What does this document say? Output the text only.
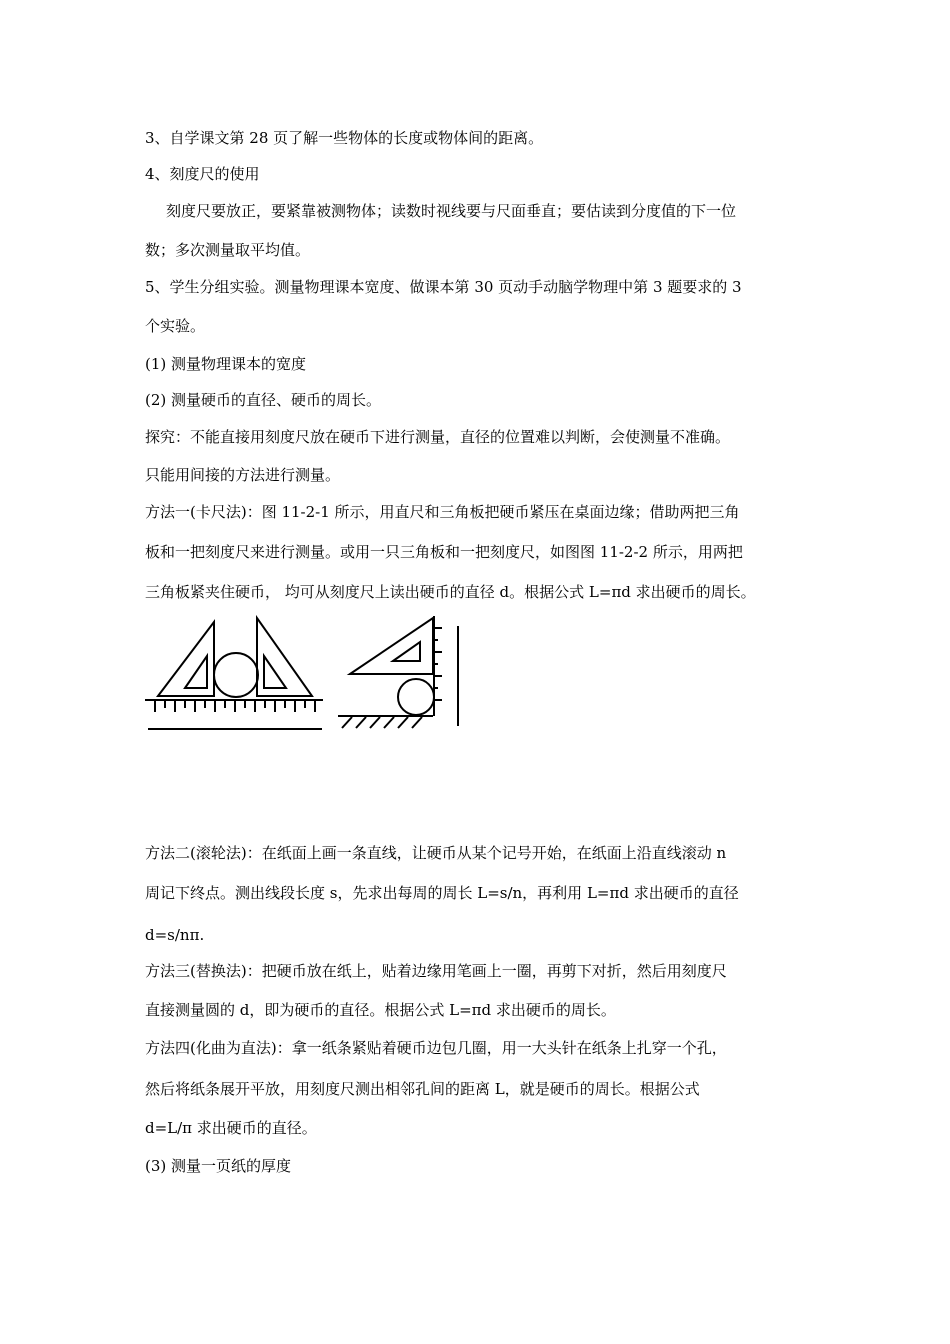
3、自学课文第 28 页了解一些物体的长度或物体间的距离。
4、刻度尺的使用
刻度尺要放正，要紧靠被测物体；读数时视线要与尺面垂直；要估读到分度值的下一位
数；多次测量取平均值。
5、学生分组实验。测量物理课本宽度、做课本第 30 页动手动脑学物理中第 3 题要求的 3
个实验。
(1) 测量物理课本的宽度
(2) 测量硬币的直径、硬币的周长。
探究：不能直接用刻度尺放在硬币下进行测量，直径的位置难以判断，会使测量不准确。
只能用间接的方法进行测量。
方法一(卡尺法)：图 11-2-1 所示，用直尺和三角板把硬币紧压在桌面边缘；借助两把三角
板和一把刻度尺来进行测量。或用一只三角板和一把刻度尺，如图图 11-2-2 所示，用两把
三角板紧夹住硬币， 均可从刻度尺上读出硬币的直径 d。根据公式 L=πd 求出硬币的周长。
方法二(滚轮法)：在纸面上画一条直线，让硬币从某个记号开始，在纸面上沿直线滚动 n
周记下终点。测出线段长度 s，先求出每周的周长 L=s/n，再利用 L=πd 求出硬币的直径
d=s/nπ.
方法三(替换法)：把硬币放在纸上，贴着边缘用笔画上一圈，再剪下对折，然后用刻度尺
直接测量圆的 d，即为硬币的直径。根据公式 L=πd 求出硬币的周长。
方法四(化曲为直法)：拿一纸条紧贴着硬币边包几圈，用一大头针在纸条上扎穿一个孔，
然后将纸条展开平放，用刻度尺测出相邻孔间的距离 L，就是硬币的周长。根据公式
d=L/π 求出硬币的直径。
(3) 测量一页纸的厚度
